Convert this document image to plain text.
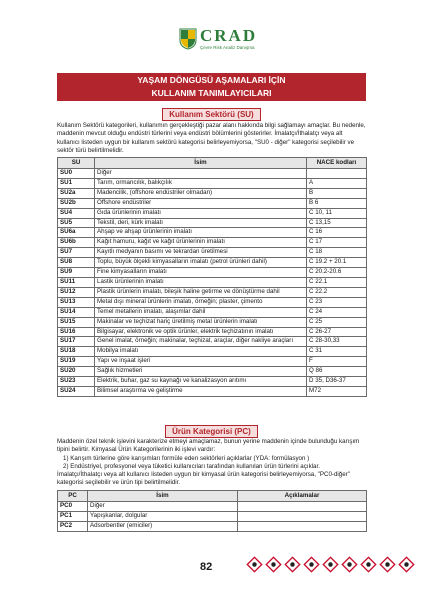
CRAD
Çevre Risk Analiz Danışma
YAŞAM DÖNGÜSÜ AŞAMALARI İÇİN
KULLANIM TANIMLAYICILARI
Kullanım Sektörü (SU)
Kullanım Sektörü kategorileri, kullanımın gerçekleştiği pazar alanı hakkında bilgi sağlamayı amaçlar. Bu nedenle, maddenin mevcut olduğu endüstri türlerini veya endüstri bölümlerini gösterirler. İmalatçı/İthalatçı veya alt kullanıcı listeden uygun bir kullanım sektörü kategorisi belirleyemiyorsa, "SU0 - diğer" kategorisi seçilebilir ve sektör türü belirtilmelidir.
SU	İsim	NACE kodları
SU0	Diğer	
SU1	Tarım, ormancılık, balıkçılık	A
SU2a	Madencilik, (offshore endüstriler olmadan)	B
SU2b	Offshore endüstriler	B 6
SU4	Gıda ürünlerinin imalatı	C 10, 11
SU5	Tekstil, deri, kürk imalatı	C 13,15
SU6a	Ahşap ve ahşap ürünlerinin imalatı	C 16
SU6b	Kağıt hamuru, kağıt ve kağıt ürünlerinin imalatı	C 17
SU7	Kayıtlı medyanın basımı ve tekrardan üretilmesi	C 18
SU8	Toplu, büyük ölçekli kimyasalların imalatı (petrol ürünleri dahil)	C 19.2 + 20.1
SU9	Fine kimyasalların imalatı	C 20.2-20.6
SU11	Lastik ürünlerinin imalatı	C 22.1
SU12	Plastik ürünlerin imalatı, bileşik haline getirme ve dönüştürme dahil	C 22.2
SU13	Metal dışı mineral ürünlerin imalatı, örneğin; plaster, çimento	C 23
SU14	Temel metallerin imalatı, alaşımlar dahil	C 24
SU15	Makinalar ve teçhizat hariç üretilmiş metal ürünlerin imalatı	C 25
SU16	Bilgisayar, elektronik ve optik ürünler, elektrik teçhizatının imalatı	C 26-27
SU17	Genel imalat, örneğin; makinalar, teçhizat, araçlar, diğer nakliye araçları	C 28-30,33
SU18	Mobilya imalatı	C 31
SU19	Yapı ve inşaat işleri	F
SU20	Sağlık hizmetleri	Q 86
SU23	Elektrik, buhar, gaz su kaynağı ve kanalizasyon arıtımı	D 35, D36-37
SU24	Bilimsel araştırma ve geliştirme	M72
Ürün Kategorisi (PC)
Maddenin özel teknik işlevini karakterize etmeyi amaçlamaz, bunun yerine maddenin içinde bulunduğu karışım tipini belirtir. Kimyasal Ürün Kategorilerinin iki işlevi vardır:
1) Karışım türlerine göre karışımları formüle eden sektörleri açıklarlar (YDA: formülasyon )
2) Endüstriyel, profesyonel veya tüketici kullanıcıları tarafından kullanılan ürün türlerini açıklar.
İmalatçı/İthalatçı veya alt kullanıcı listeden uygun bir kimyasal ürün kategorisi belirleyemiyorsa, "PC0-diğer" kategorisi seçilebilir ve ürün tipi belirtilmelidir.
PC	İsim	Açıklamalar
PC0	Diğer	
PC1	Yapışkanlar, dolgular	
PC2	Adsorbentler (emiciler)	
82
